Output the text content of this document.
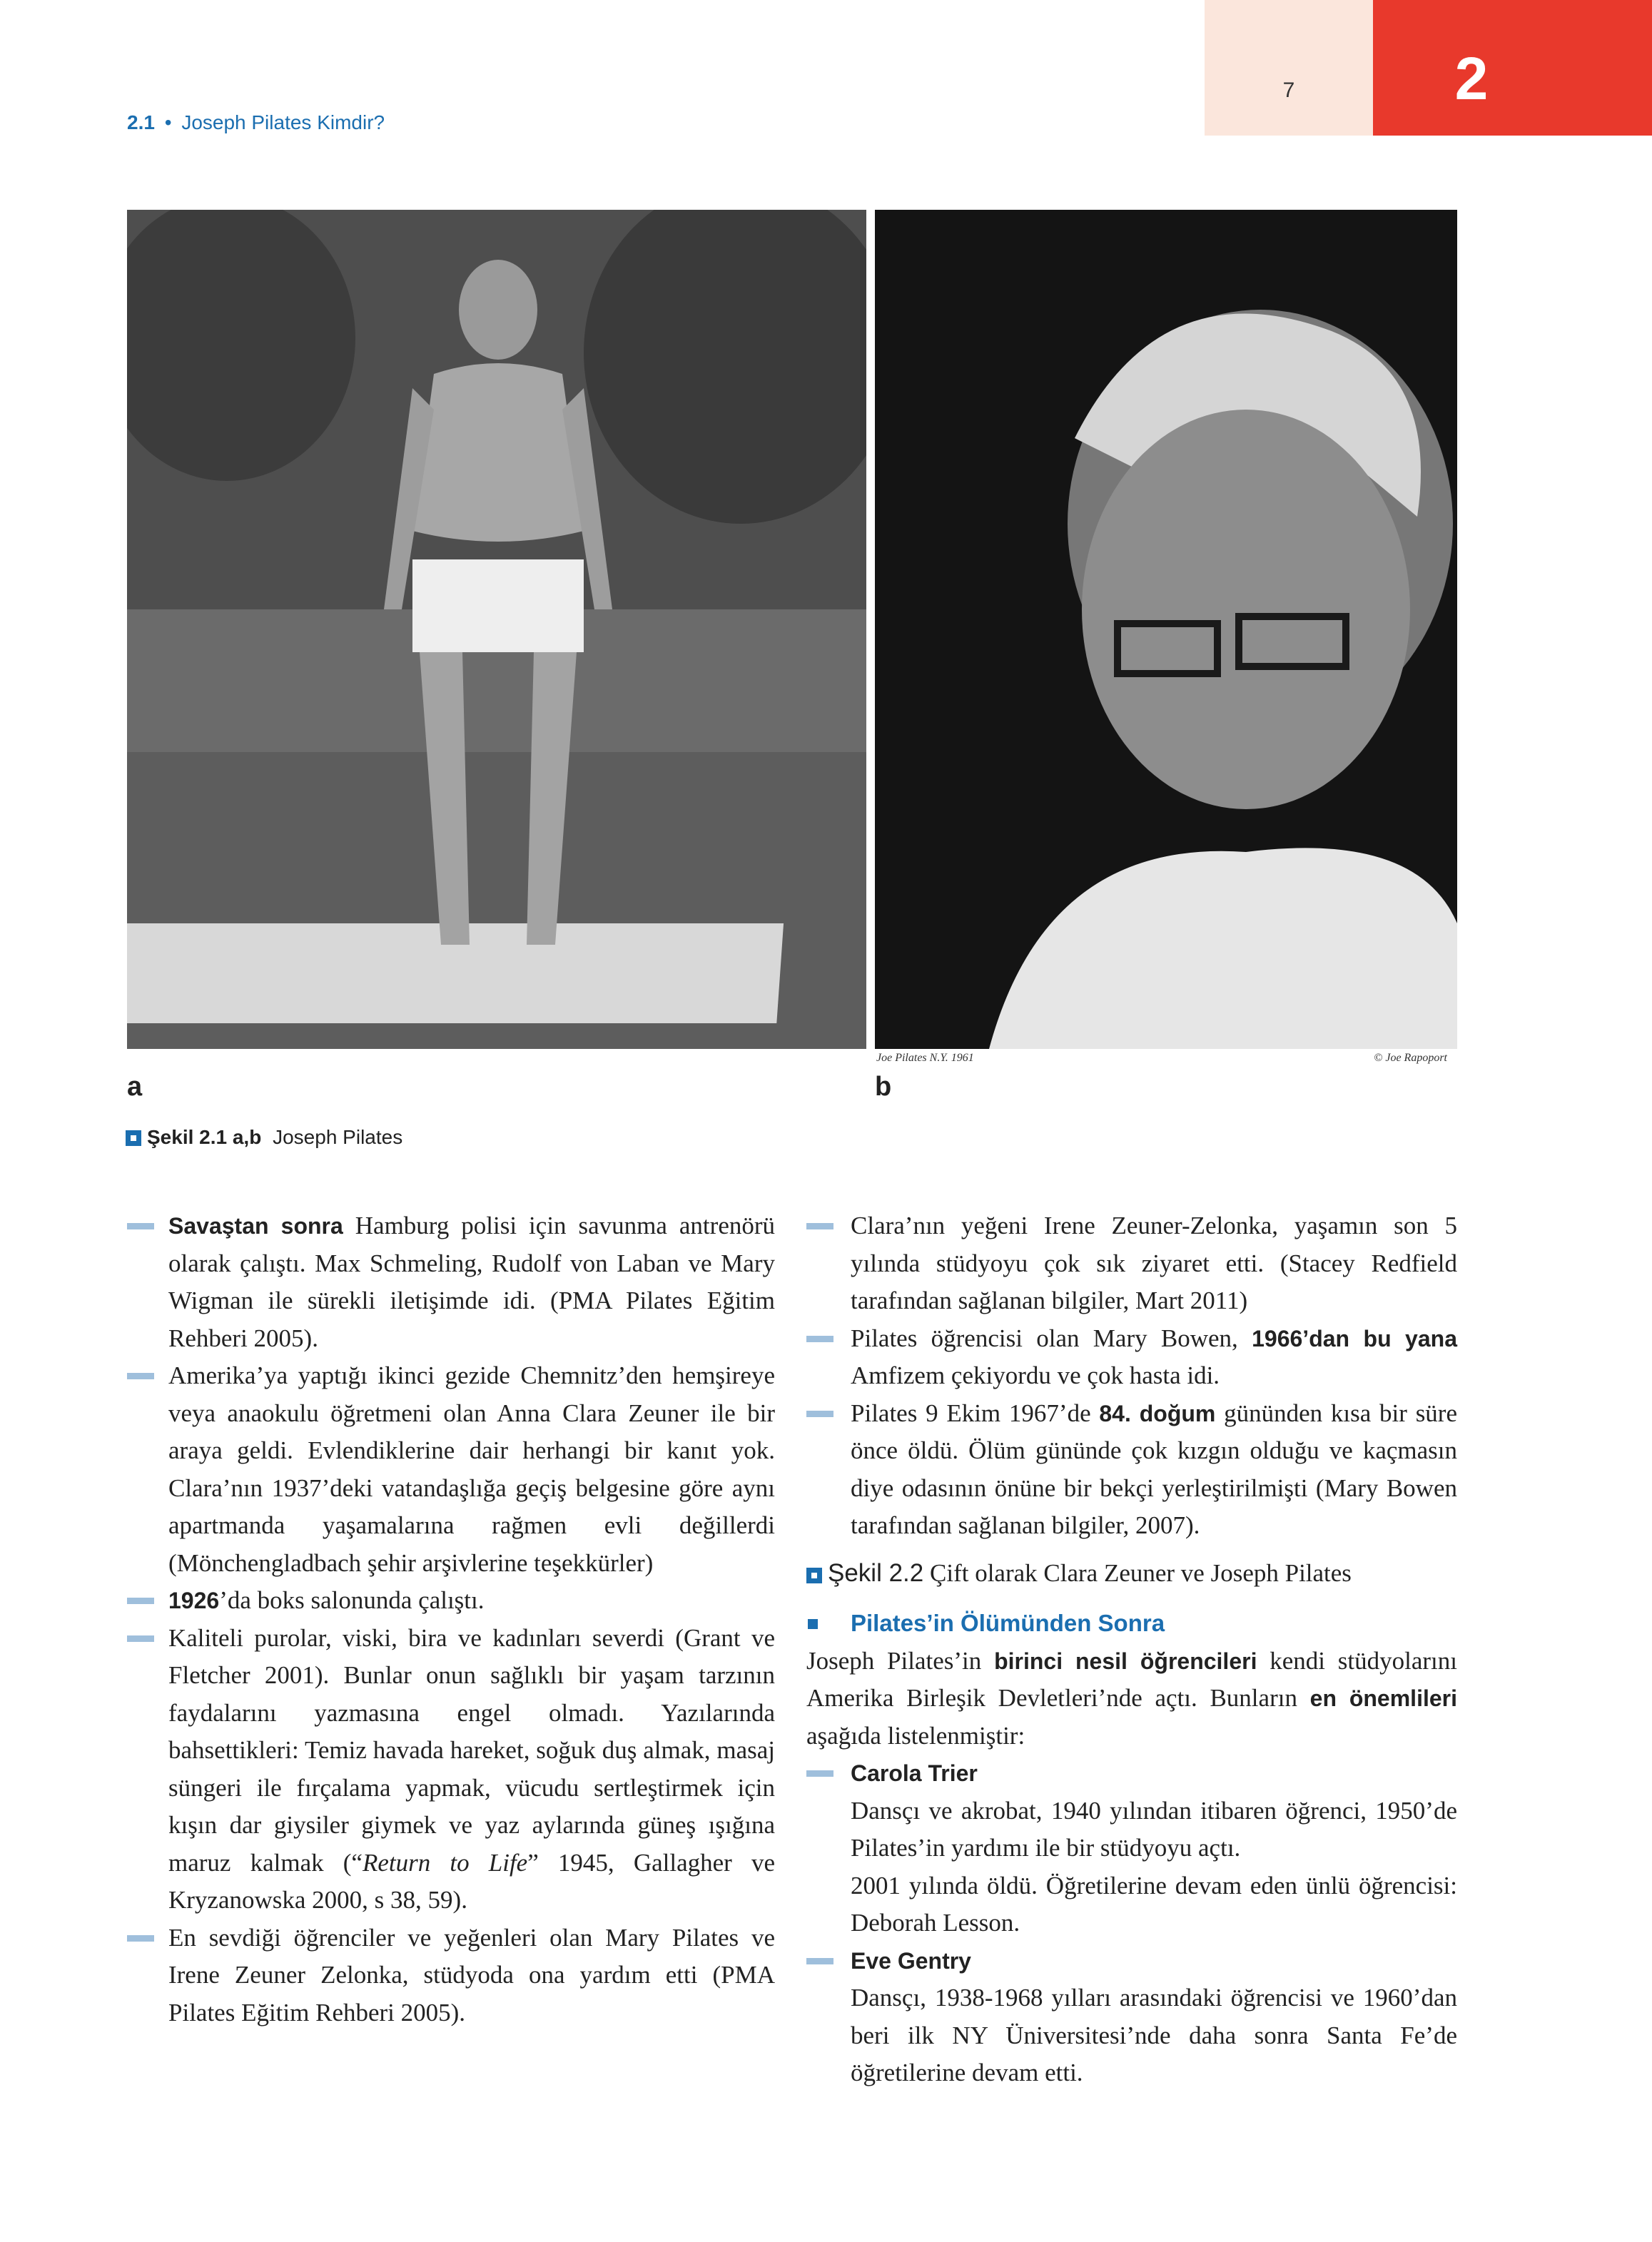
7	2
2.1 • Joseph Pilates Kimdir?
Joe Pilates N.Y. 1961	© Joe Rapoport
a	b
Şekil 2.1 a,b Joseph Pilates
Savaştan sonra Hamburg polisi için savunma antrenörü olarak çalıştı. Max Schmeling, Rudolf von Laban ve Mary Wigman ile sürekli iletişimde idi. (PMA Pilates Eğitim Rehberi 2005).
Amerika’ya yaptığı ikinci gezide Chemnitz’den hemşireye veya anaokulu öğretmeni olan Anna Clara Zeuner ile bir araya geldi. Evlendiklerine dair herhangi bir kanıt yok. Clara’nın 1937’deki vatandaşlığa geçiş belgesine göre aynı apartmanda yaşamalarına rağmen evli değillerdi (Mönchengladbach şehir arşivlerine teşekkürler)
1926’da boks salonunda çalıştı.
Kaliteli purolar, viski, bira ve kadınları severdi (Grant ve Fletcher 2001). Bunlar onun sağlıklı bir yaşam tarzının faydalarını yazmasına engel olmadı. Yazılarında bahsettikleri: Temiz havada hareket, soğuk duş almak, masaj süngeri ile fırçalama yapmak, vücudu sertleştirmek için kışın dar giysiler giymek ve yaz aylarında güneş ışığına maruz kalmak (“Return to Life” 1945, Gallagher ve Kryzanowska 2000, s 38, 59).
En sevdiği öğrenciler ve yeğenleri olan Mary Pilates ve Irene Zeuner Zelonka, stüdyoda ona yardım etti (PMA Pilates Eğitim Rehberi 2005).
Clara’nın yeğeni Irene Zeuner-Zelonka, yaşamın son 5 yılında stüdyoyu çok sık ziyaret etti. (Stacey Redfield tarafından sağlanan bilgiler, Mart 2011)
Pilates öğrencisi olan Mary Bowen, 1966’dan bu yana Amfizem çekiyordu ve çok hasta idi.
Pilates 9 Ekim 1967’de 84. doğum gününden kısa bir süre önce öldü. Ölüm gününde çok kızgın olduğu ve kaçmasın diye odasının önüne bir bekçi yerleştirilmişti (Mary Bowen tarafından sağlanan bilgiler, 2007).
Şekil 2.2 Çift olarak Clara Zeuner ve Joseph Pilates
Pilates’in Ölümünden Sonra

Joseph Pilates’in birinci nesil öğrencileri kendi stüdyolarını Amerika Birleşik Devletleri’nde açtı. Bunların en önemlileri aşağıda listelenmiştir:

Carola Trier
Dansçı ve akrobat, 1940 yılından itibaren öğrenci, 1950’de Pilates’in yardımı ile bir stüdyoyu açtı.
2001 yılında öldü. Öğretilerine devam eden ünlü öğrencisi: Deborah Lesson.
Eve Gentry
Dansçı, 1938-1968 yılları arasındaki öğrencisi ve 1960’dan beri ilk NY Üniversitesi’nde daha sonra Santa Fe’de öğretilerine devam etti.
